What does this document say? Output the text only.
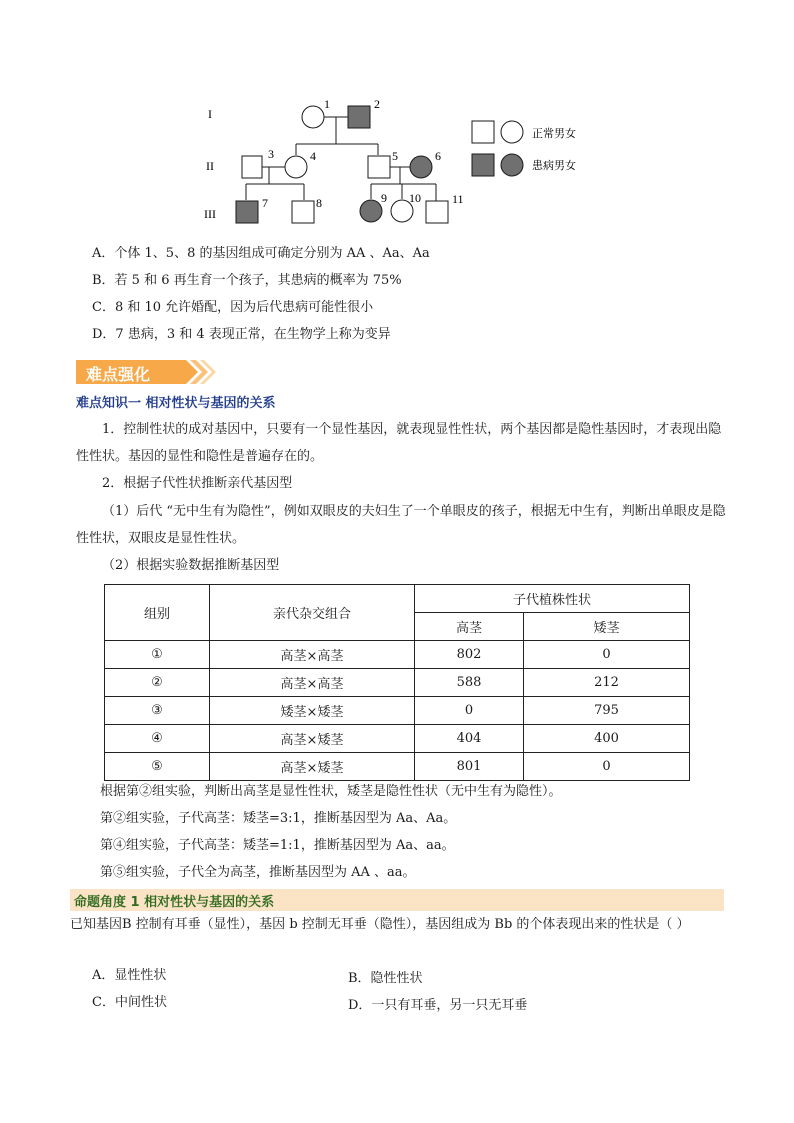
I
II
III
1	2
3	4	5	6
7	8	9 10	11
正常男女
患病男女
A．个体 1、5、8 的基因组成可确定分别为 AA 、Aa、Aa
B．若 5 和 6 再生育一个孩子，其患病的概率为 75%
C．8 和 10 允许婚配，因为后代患病可能性很小
D．7 患病，3 和 4 表现正常，在生物学上称为变异
难点强化
难点知识一 相对性状与基因的关系
1．控制性状的成对基因中，只要有一个显性基因，就表现显性性状，两个基因都是隐性基因时，才表现出隐性性状。基因的显性和隐性是普遍存在的。
2．根据子代性状推断亲代基因型
（1）后代 “无中生有为隐性”，例如双眼皮的夫妇生了一个单眼皮的孩子，根据无中生有，判断出单眼皮是隐性性状，双眼皮是显性性状。
（2）根据实验数据推断基因型
组别	亲代杂交组合	子代植株性状	
		高茎	矮茎
①	高茎×高茎	802	0
②	高茎×高茎	588	212
③	矮茎×矮茎	0	795
④	高茎×矮茎	404	400
⑤	高茎×矮茎	801	0
根据第②组实验，判断出高茎是显性性状，矮茎是隐性性状（无中生有为隐性）。
第②组实验，子代高茎：矮茎=3:1，推断基因型为 Aa、Aa。
第④组实验，子代高茎：矮茎=1:1，推断基因型为 Aa、aa。
第⑤组实验，子代全为高茎，推断基因型为 AA 、aa。
命题角度 1 相对性状与基因的关系
已知基因B 控制有耳垂（显性），基因 b 控制无耳垂（隐性），基因组成为 Bb 的个体表现出来的性状是（ ）
A．显性性状	B．隐性性状
C．中间性状	D．一只有耳垂，另一只无耳垂
